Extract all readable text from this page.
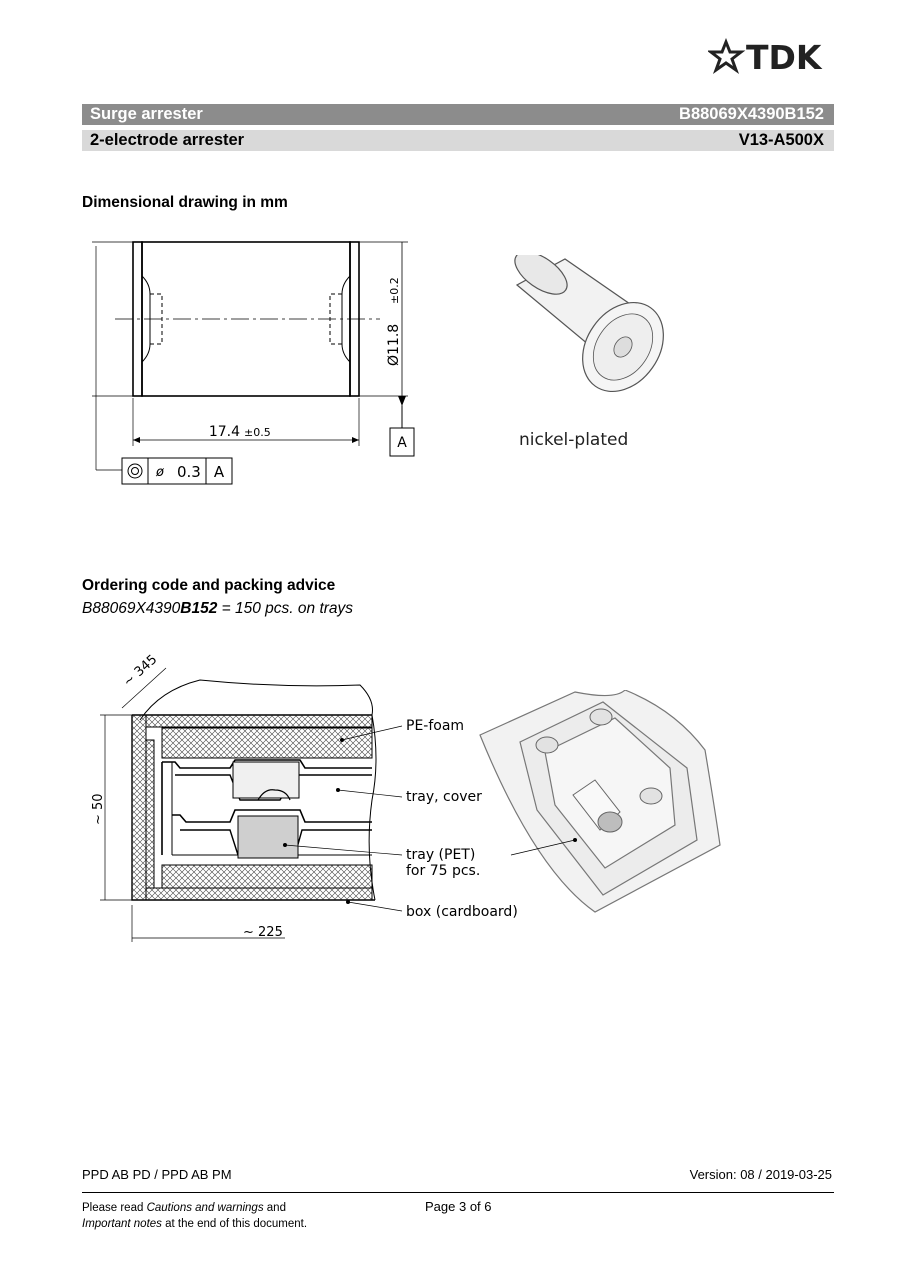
TDK
Surge arrester	B88069X4390B152
2-electrode arrester	V13-A500X
Dimensional drawing in mm
17.4 ±0.5
Ø11.8
±0.2
A
ø 0.3 A
nickel-plated
Ordering code and packing advice
B88069X4390B152 = 150 pcs. on trays
~ 50
~ 225
~ 345
PE-foam
tray, cover
tray (PET)
for 75 pcs.
box (cardboard)
PPD AB PD / PPD AB PM	Version: 08 / 2019-03-25
Please read Cautions and warnings and
Important notes at the end of this document.
Page 3 of 6
